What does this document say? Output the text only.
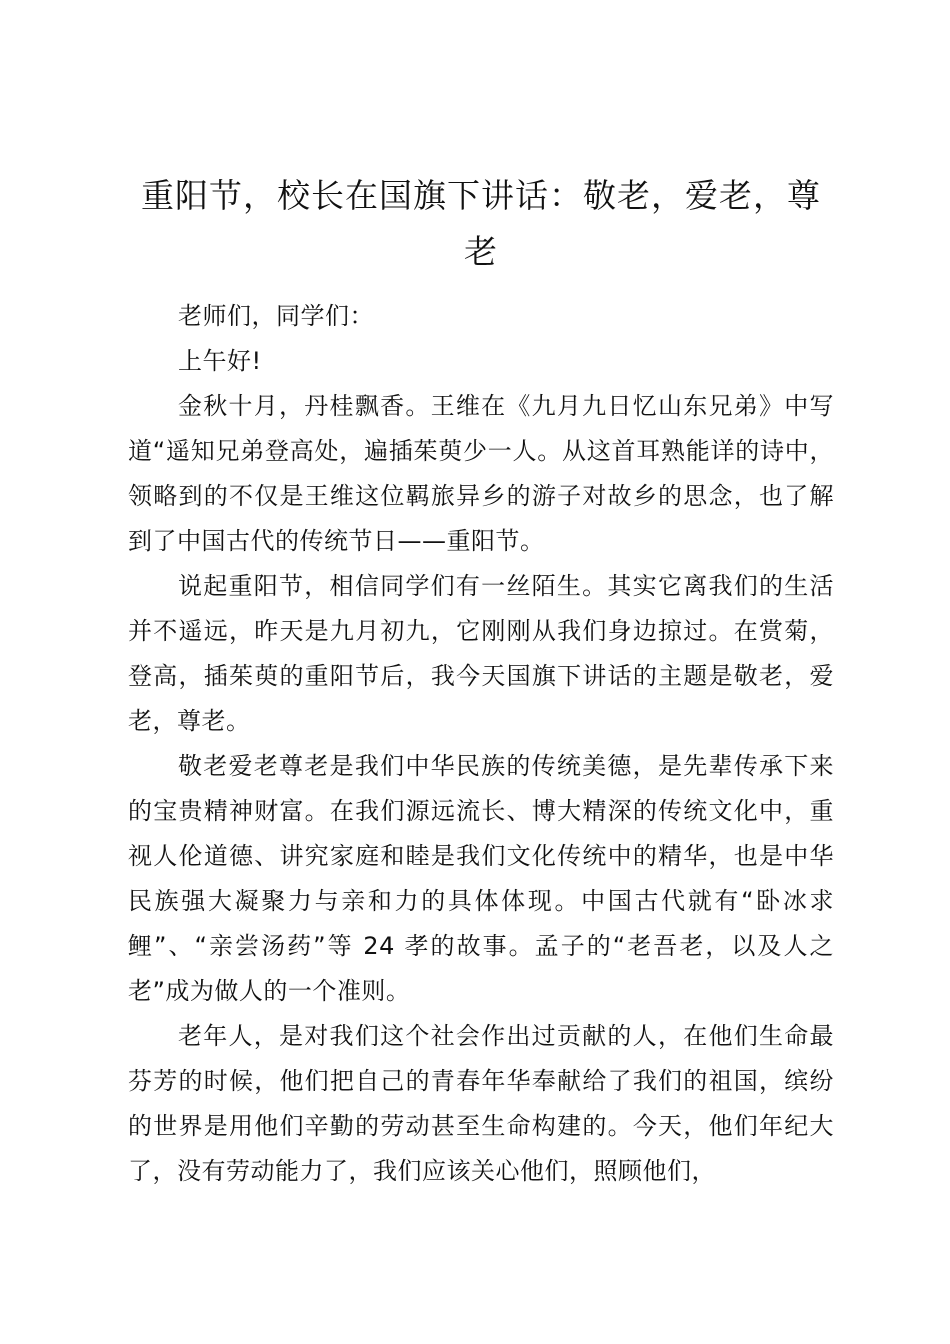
重阳节，校长在国旗下讲话：敬老，爱老，尊老

老师们，同学们：

上午好!

金秋十月，丹桂飘香。王维在《九月九日忆山东兄弟》中写道“遥知兄弟登高处，遍插茱萸少一人。从这首耳熟能详的诗中，领略到的不仅是王维这位羁旅异乡的游子对故乡的思念，也了解到了中国古代的传统节日——重阳节。

说起重阳节，相信同学们有一丝陌生。其实它离我们的生活并不遥远，昨天是九月初九，它刚刚从我们身边掠过。在赏菊，登高，插茱萸的重阳节后，我今天国旗下讲话的主题是敬老，爱老，尊老。

敬老爱老尊老是我们中华民族的传统美德，是先辈传承下来的宝贵精神财富。在我们源远流长、博大精深的传统文化中，重视人伦道德、讲究家庭和睦是我们文化传统中的精华，也是中华民族强大凝聚力与亲和力的具体体现。中国古代就有“卧冰求鲤”、“亲尝汤药”等 24 孝的故事。孟子的“老吾老，以及人之老”成为做人的一个准则。

老年人，是对我们这个社会作出过贡献的人，在他们生命最芬芳的时候，他们把自己的青春年华奉献给了我们的祖国，缤纷的世界是用他们辛勤的劳动甚至生命构建的。今天，他们年纪大了，没有劳动能力了，我们应该关心他们，照顾他们，
